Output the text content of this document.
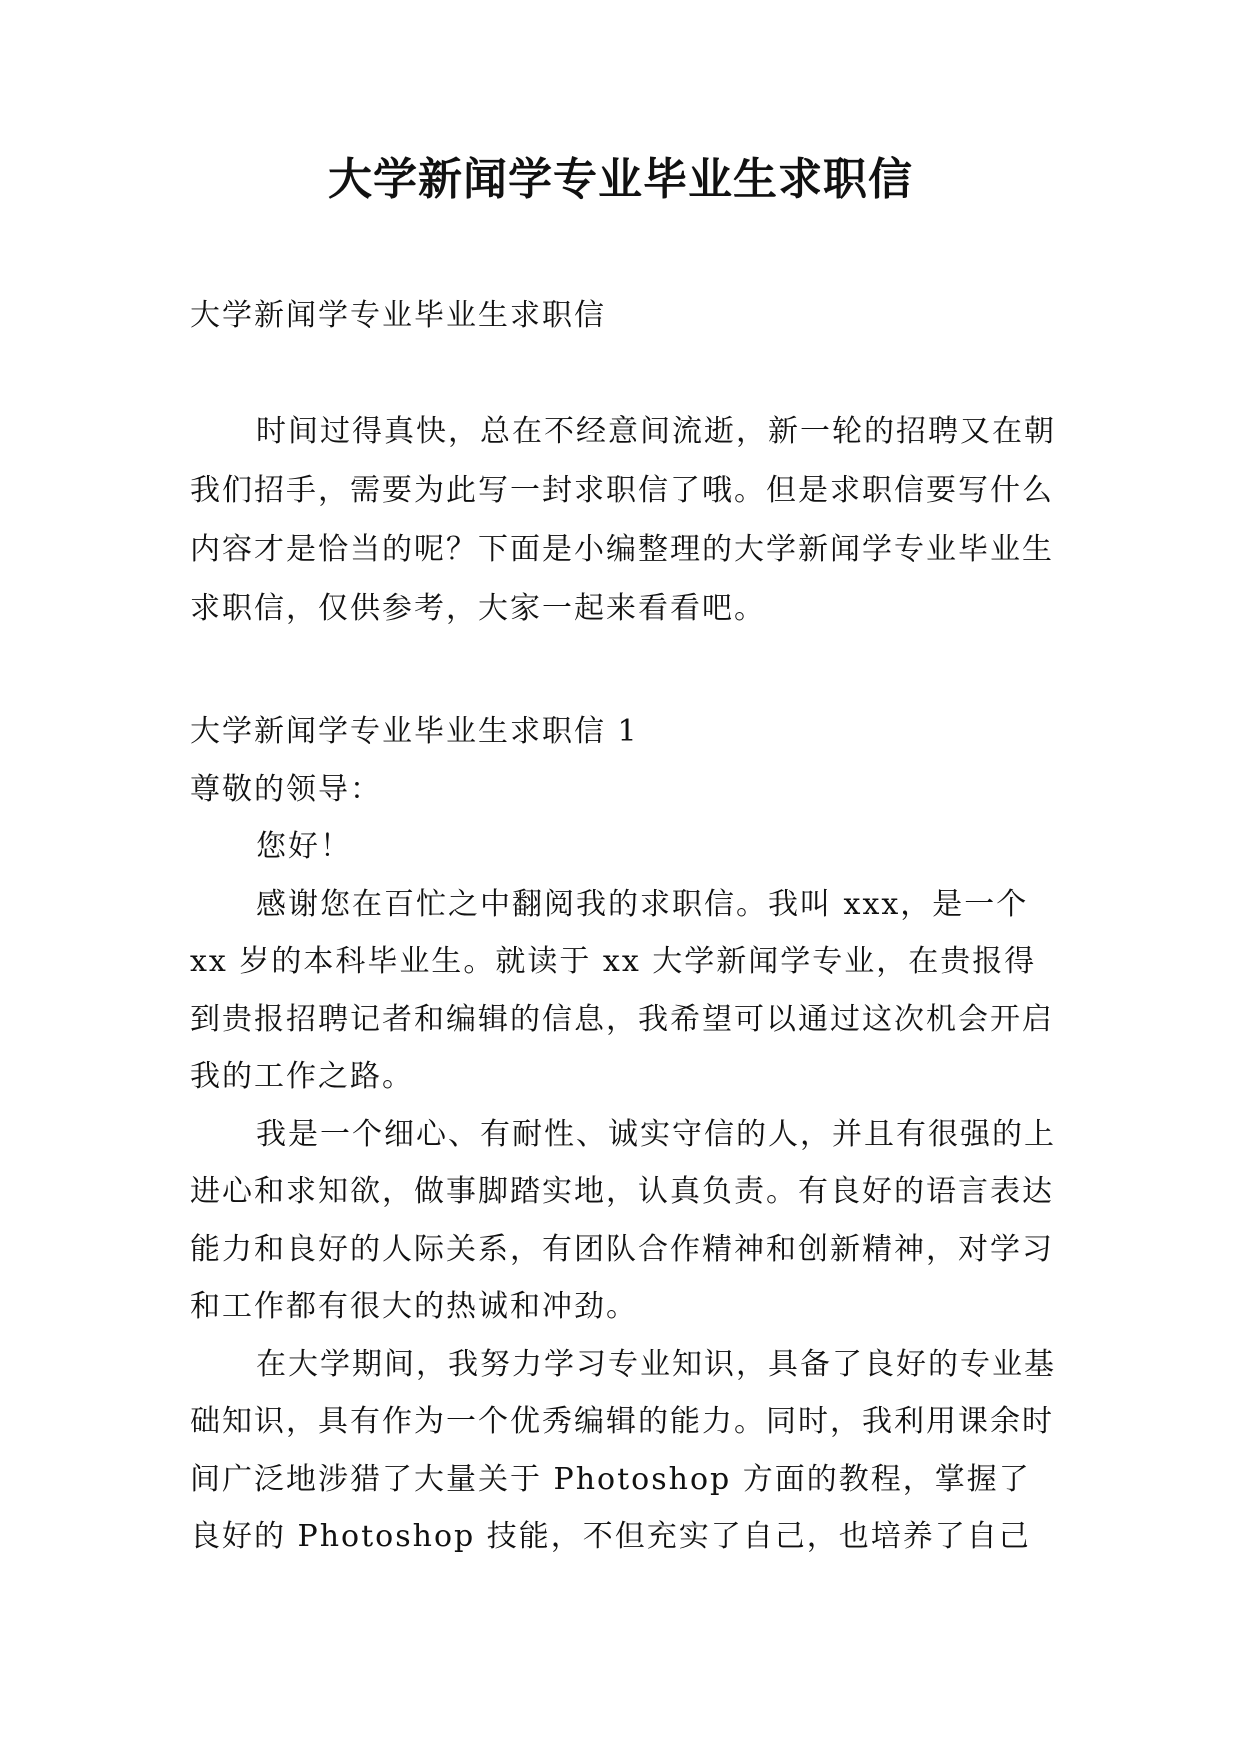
大学新闻学专业毕业生求职信
大学新闻学专业毕业生求职信
时间过得真快，总在不经意间流逝，新一轮的招聘又在朝我们招手，需要为此写一封求职信了哦。但是求职信要写什么内容才是恰当的呢？下面是小编整理的大学新闻学专业毕业生求职信，仅供参考，大家一起来看看吧。

大学新闻学专业毕业生求职信 1

尊敬的领导：

您好！

感谢您在百忙之中翻阅我的求职信。我叫 xxx，是一个 xx 岁的本科毕业生。就读于 xx 大学新闻学专业，在贵报得到贵报招聘记者和编辑的信息，我希望可以通过这次机会开启我的工作之路。

我是一个细心、有耐性、诚实守信的人，并且有很强的上进心和求知欲，做事脚踏实地，认真负责。有良好的语言表达能力和良好的人际关系，有团队合作精神和创新精神，对学习和工作都有很大的热诚和冲劲。

在大学期间，我努力学习专业知识，具备了良好的专业基础知识，具有作为一个优秀编辑的能力。同时，我利用课余时间广泛地涉猎了大量关于 Photoshop 方面的教程，掌握了良好的 Photoshop 技能，不但充实了自己，也培养了自己
